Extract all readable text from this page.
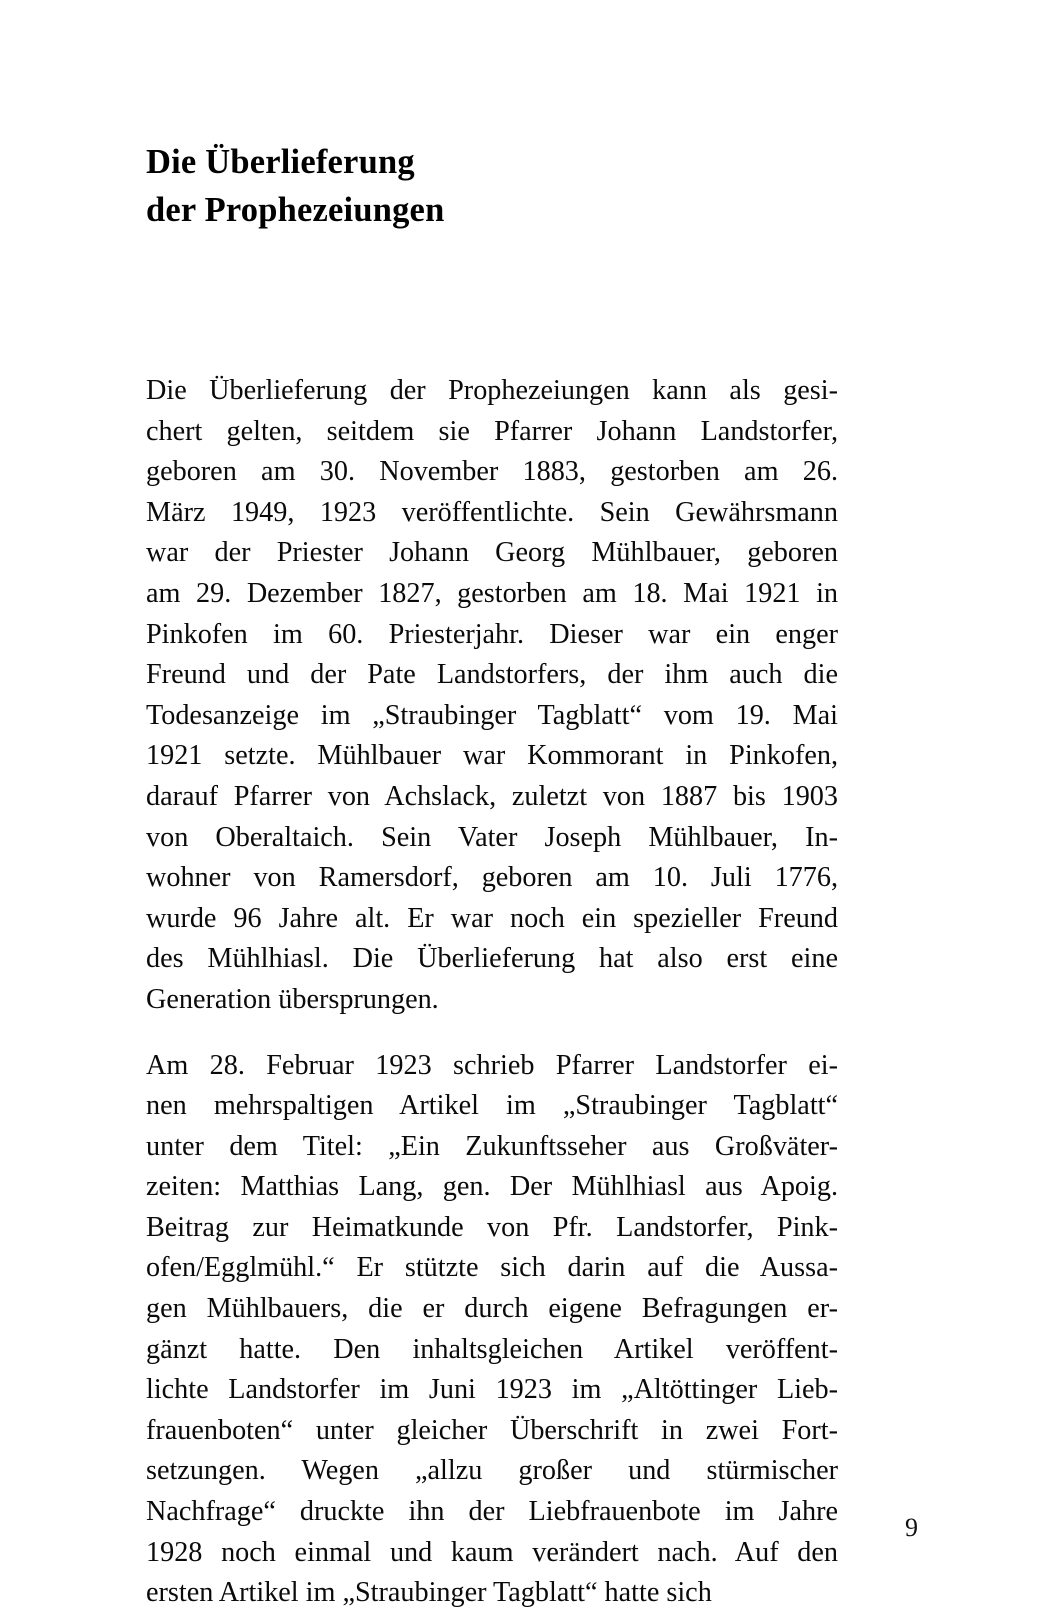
Die Überlieferung
der Prophezeiungen

Die Überlieferung der Prophezeiungen kann als gesi-
chert gelten, seitdem sie Pfarrer Johann Landstorfer,
geboren am 30. November 1883, gestorben am 26.
März 1949, 1923 veröffentlichte. Sein Gewährsmann
war der Priester Johann Georg Mühlbauer, geboren
am 29. Dezember 1827, gestorben am 18. Mai 1921 in
Pinkofen im 60. Priesterjahr. Dieser war ein enger
Freund und der Pate Landstorfers, der ihm auch die
Todesanzeige im „Straubinger Tagblatt“ vom 19. Mai
1921 setzte. Mühlbauer war Kommorant in Pinkofen,
darauf Pfarrer von Achslack, zuletzt von 1887 bis 1903
von Oberaltaich. Sein Vater Joseph Mühlbauer, In-
wohner von Ramersdorf, geboren am 10. Juli 1776,
wurde 96 Jahre alt. Er war noch ein spezieller Freund
des Mühlhiasl. Die Überlieferung hat also erst eine
Generation übersprungen.

Am 28. Februar 1923 schrieb Pfarrer Landstorfer ei-
nen mehrspaltigen Artikel im „Straubinger Tagblatt“
unter dem Titel: „Ein Zukunftsseher aus Großväter-
zeiten: Matthias Lang, gen. Der Mühlhiasl aus Apoig.
Beitrag zur Heimatkunde von Pfr. Landstorfer, Pink-
ofen/Egglmühl.“ Er stützte sich darin auf die Aussa-
gen Mühlbauers, die er durch eigene Befragungen er-
gänzt hatte. Den inhaltsgleichen Artikel veröffent-
lichte Landstorfer im Juni 1923 im „Altöttinger Lieb-
frauenboten“ unter gleicher Überschrift in zwei Fort-
setzungen. Wegen „allzu großer und stürmischer
Nachfrage“ druckte ihn der Liebfrauenbote im Jahre
1928 noch einmal und kaum verändert nach. Auf den
ersten Artikel im „Straubinger Tagblatt“ hatte sich

9
